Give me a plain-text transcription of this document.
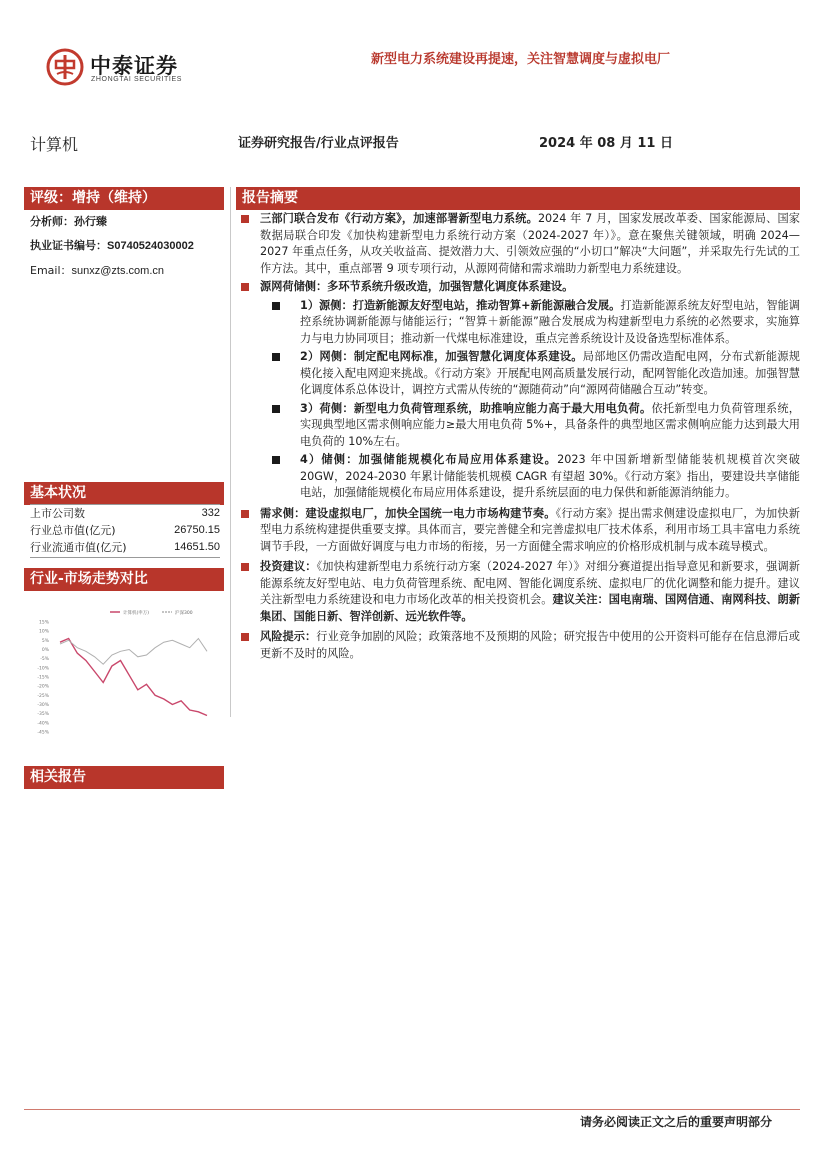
中泰证券
ZHONGTAI SECURITIES
新型电力系统建设再提速，关注智慧调度与虚拟电厂
计算机	证券研究报告/行业点评报告	2024 年 08 月 11 日
评级：增持（维持）
分析师：孙行臻
执业证书编号：S0740524030002
Email：sunxz@zts.com.cn
基本状况
上市公司数	332
行业总市值(亿元)	26750.15
行业流通市值(亿元)	14651.50
行业-市场走势对比
计算机(申万)	沪深300
15%
10%
5%
0%
-5%
-10%
-15%
-20%
-25%
-30%
-35%
-40%
-45%
相关报告
报告摘要
三部门联合发布《行动方案》，加速部署新型电力系统。2024 年 7 月，国家发展改革委、国家能源局、国家数据局联合印发《加快构建新型电力系统行动方案（2024-2027 年）》。意在聚焦关键领域，明确 2024—2027 年重点任务，从攻关收益高、提效潜力大、引领效应强的“小切口”解决“大问题”，并采取先行先试的工作方法。其中，重点部署 9 项专项行动，从源网荷储和需求端助力新型电力系统建设。
源网荷储侧：多环节系统升级改造，加强智慧化调度体系建设。
1）源侧：打造新能源友好型电站，推动智算+新能源融合发展。打造新能源系统友好型电站，智能调控系统协调新能源与储能运行；“智算＋新能源”融合发展成为构建新型电力系统的必然要求，实施算力与电力协同项目；推动新一代煤电标准建设，重点完善系统设计及设备选型标准体系。
2）网侧：制定配电网标准，加强智慧化调度体系建设。局部地区仍需改造配电网，分布式新能源规模化接入配电网迎来挑战。《行动方案》开展配电网高质量发展行动，配网智能化改造加速。加强智慧化调度体系总体设计，调控方式需从传统的“源随荷动”向“源网荷储融合互动”转变。
3）荷侧：新型电力负荷管理系统，助推响应能力高于最大用电负荷。依托新型电力负荷管理系统，实现典型地区需求侧响应能力≥最大用电负荷 5%+，具备条件的典型地区需求侧响应能力达到最大用电负荷的 10%左右。
4）储侧：加强储能规模化布局应用体系建设。2023 年中国新增新型储能装机规模首次突破 20GW，2024-2030 年累计储能装机规模 CAGR 有望超 30%。《行动方案》指出，要建设共享储能电站，加强储能规模化布局应用体系建设，提升系统层面的电力保供和新能源消纳能力。
需求侧：建设虚拟电厂，加快全国统一电力市场构建节奏。《行动方案》提出需求侧建设虚拟电厂，为加快新型电力系统构建提供重要支撑。具体而言，要完善健全和完善虚拟电厂技术体系，利用市场工具丰富电力系统调节手段，一方面做好调度与电力市场的衔接，另一方面健全需求响应的价格形成机制与成本疏导模式。
投资建议：《加快构建新型电力系统行动方案（2024-2027 年）》对细分赛道提出指导意见和新要求，强调新能源系统友好型电站、电力负荷管理系统、配电网、智能化调度系统、虚拟电厂的优化调整和能力提升。建议关注新型电力系统建设和电力市场化改革的相关投资机会。建议关注：国电南瑞、国网信通、南网科技、朗新集团、国能日新、智洋创新、远光软件等。
风险提示：行业竞争加剧的风险；政策落地不及预期的风险；研究报告中使用的公开资料可能存在信息滞后或更新不及时的风险。
请务必阅读正文之后的重要声明部分
